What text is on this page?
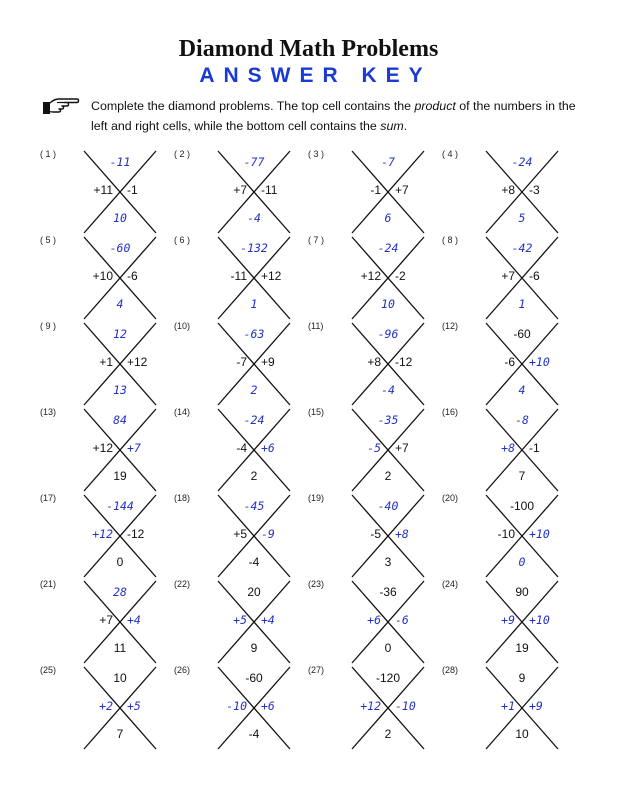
Diamond Math Problems
ANSWER KEY
Complete the diamond problems. The top cell contains the product of the numbers in the left and right cells, while the bottom cell contains the sum.
( 1 )
-11
+11 -1
10
( 2 )
-77
+7 -11
-4
( 3 )
-7
-1 +7
6
( 4 )
-24
+8 -3
5
( 5 )
-60
+10 -6
4
( 6 )
-132
-11 +12
1
( 7 )
-24
+12 -2
10
( 8 )
-42
+7 -6
1
( 9 )
12
+1 +12
13
(10)
-63
-7 +9
2
(11)
-96
+8 -12
-4
(12)
-60
-6 +10
4
(13)
84
+12 +7
19
(14)
-24
-4 +6
2
(15)
-35
-5 +7
2
(16)
-8
+8 -1
7
(17)
-144
+12 -12
0
(18)
-45
+5 -9
-4
(19)
-40
-5 +8
3
(20)
-100
-10 +10
0
(21)
28
+7 +4
11
(22)
20
+5 +4
9
(23)
-36
+6 -6
0
(24)
90
+9 +10
19
(25)
10
+2 +5
7
(26)
-60
-10 +6
-4
(27)
-120
+12 -10
2
(28)
9
+1 +9
10
